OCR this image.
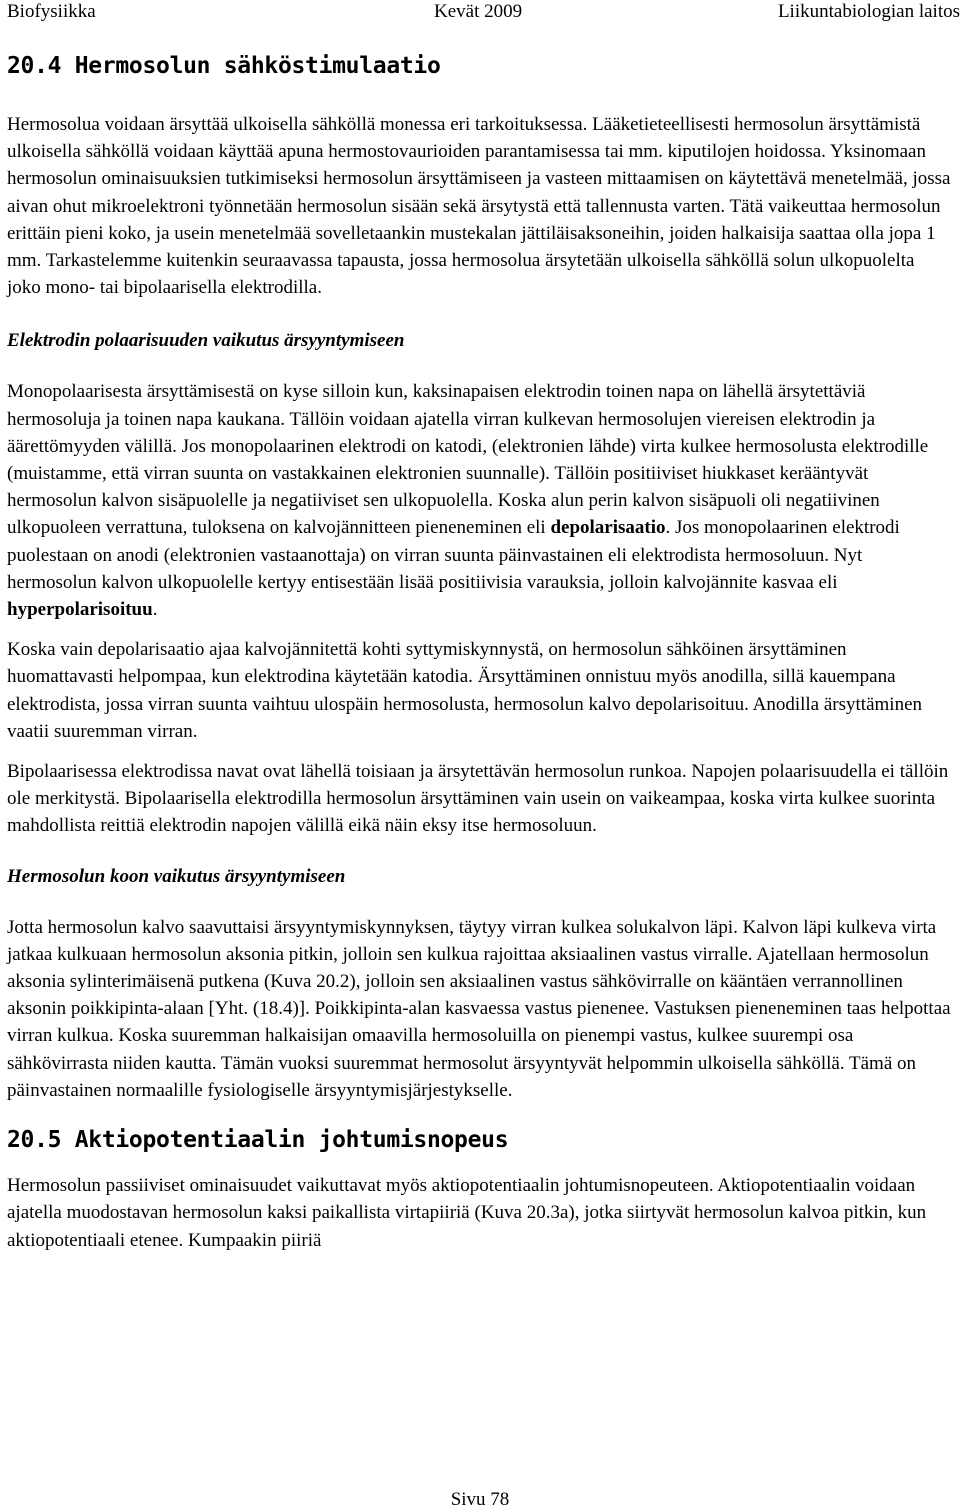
Biofysiikka	Kevät 2009	Liikuntabiologian laitos
20.4 Hermosolun sähköstimulaatio

Hermosolua voidaan ärsyttää ulkoisella sähköllä monessa eri tarkoituksessa. Lääketieteellisesti hermosolun ärsyttämistä ulkoisella sähköllä voidaan käyttää apuna hermostovaurioiden parantamisessa tai mm. kiputilojen hoidossa. Yksinomaan hermosolun ominaisuuksien tutkimiseksi hermosolun ärsyttämiseen ja vasteen mittaamisen on käytettävä menetelmää, jossa aivan ohut mikroelektroni työnnetään hermosolun sisään sekä ärsytystä että tallennusta varten. Tätä vaikeuttaa hermosolun erittäin pieni koko, ja usein menetelmää sovelletaankin mustekalan jättiläisaksoneihin, joiden halkaisija saattaa olla jopa 1 mm. Tarkastelemme kuitenkin seuraavassa tapausta, jossa hermosolua ärsytetään ulkoisella sähköllä solun ulkopuolelta joko mono- tai bipolaarisella elektrodilla.

Elektrodin polaarisuuden vaikutus ärsyyntymiseen

Monopolaarisesta ärsyttämisestä on kyse silloin kun, kaksinapaisen elektrodin toinen napa on lähellä ärsytettäviä hermosoluja ja toinen napa kaukana. Tällöin voidaan ajatella virran kulkevan hermosolujen viereisen elektrodin ja äärettömyyden välillä. Jos monopolaarinen elektrodi on katodi, (elektronien lähde) virta kulkee hermosolusta elektrodille (muistamme, että virran suunta on vastakkainen elektronien suunnalle). Tällöin positiiviset hiukkaset kerääntyvät hermosolun kalvon sisäpuolelle ja negatiiviset sen ulkopuolella. Koska alun perin kalvon sisäpuoli oli negatiivinen ulkopuoleen verrattuna, tuloksena on kalvojännitteen pieneneminen eli depolarisaatio. Jos monopolaarinen elektrodi puolestaan on anodi (elektronien vastaanottaja) on virran suunta päinvastainen eli elektrodista hermosoluun. Nyt hermosolun kalvon ulkopuolelle kertyy entisestään lisää positiivisia varauksia, jolloin kalvojännite kasvaa eli hyperpolarisoituu.

Koska vain depolarisaatio ajaa kalvojännitettä kohti syttymiskynnystä, on hermosolun sähköinen ärsyttäminen huomattavasti helpompaa, kun elektrodina käytetään katodia. Ärsyttäminen onnistuu myös anodilla, sillä kauempana elektrodista, jossa virran suunta vaihtuu ulospäin hermosolusta, hermosolun kalvo depolarisoituu. Anodilla ärsyttäminen vaatii suuremman virran.

Bipolaarisessa elektrodissa navat ovat lähellä toisiaan ja ärsytettävän hermosolun runkoa. Napojen polaarisuudella ei tällöin ole merkitystä. Bipolaarisella elektrodilla hermosolun ärsyttäminen vain usein on vaikeampaa, koska virta kulkee suorinta mahdollista reittiä elektrodin napojen välillä eikä näin eksy itse hermosoluun.

Hermosolun koon vaikutus ärsyyntymiseen

Jotta hermosolun kalvo saavuttaisi ärsyyntymiskynnyksen, täytyy virran kulkea solukalvon läpi. Kalvon läpi kulkeva virta jatkaa kulkuaan hermosolun aksonia pitkin, jolloin sen kulkua rajoittaa aksiaalinen vastus virralle. Ajatellaan hermosolun aksonia sylinterimäisenä putkena (Kuva 20.2), jolloin sen aksiaalinen vastus sähkövirralle on kääntäen verrannollinen aksonin poikkipinta-alaan [Yht. (18.4)]. Poikkipinta-alan kasvaessa vastus pienenee. Vastuksen pieneneminen taas helpottaa virran kulkua. Koska suuremman halkaisijan omaavilla hermosoluilla on pienempi vastus, kulkee suurempi osa sähkövirrasta niiden kautta. Tämän vuoksi suuremmat hermosolut ärsyyntyvät helpommin ulkoisella sähköllä. Tämä on päinvastainen normaalille fysiologiselle ärsyyntymisjärjestykselle.

20.5 Aktiopotentiaalin johtumisnopeus

Hermosolun passiiviset ominaisuudet vaikuttavat myös aktiopotentiaalin johtumisnopeuteen. Aktiopotentiaalin voidaan ajatella muodostavan hermosolun kaksi paikallista virtapiiriä (Kuva 20.3a), jotka siirtyvät hermosolun kalvoa pitkin, kun aktiopotentiaali etenee. Kumpaakin piiriä

Sivu 78
